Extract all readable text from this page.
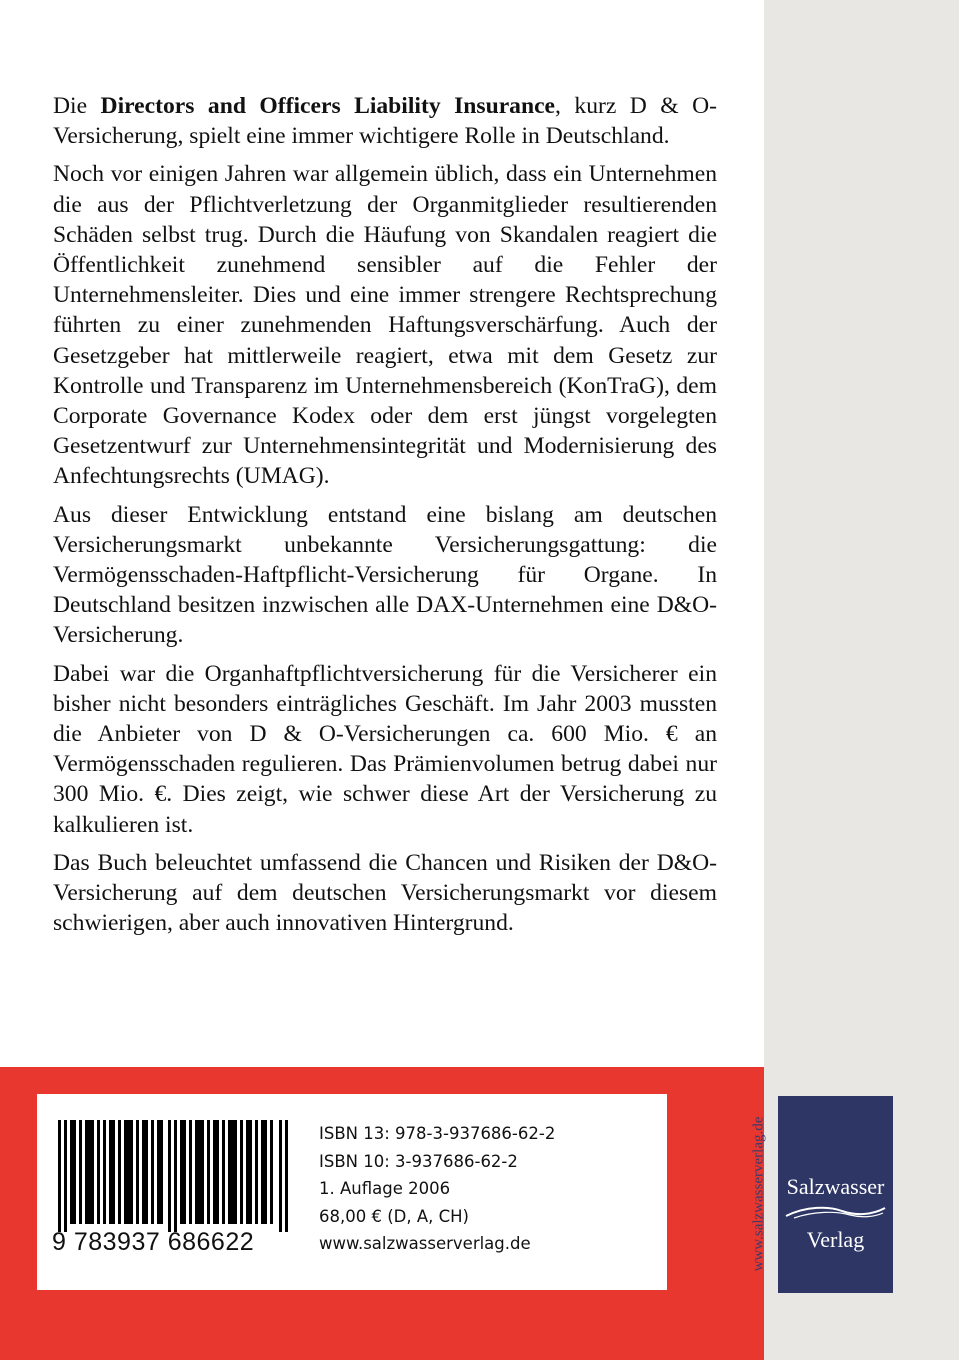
Die Directors and Officers Liability Insurance, kurz D & O-Versicherung, spielt eine immer wichtigere Rolle in Deutschland.

Noch vor einigen Jahren war allgemein üblich, dass ein Unternehmen die aus der Pflichtverletzung der Organmitglieder resultierenden Schäden selbst trug. Durch die Häufung von Skandalen reagiert die Öffentlichkeit zunehmend sensibler auf die Fehler der Unternehmensleiter. Dies und eine immer strengere Rechtsprechung führten zu einer zunehmenden Haftungsverschärfung. Auch der Gesetzgeber hat mittlerweile reagiert, etwa mit dem Gesetz zur Kontrolle und Transparenz im Unternehmensbereich (KonTraG), dem Corporate Governance Kodex oder dem erst jüngst vorgelegten Gesetzentwurf zur Unternehmensintegrität und Modernisierung des Anfechtungsrechts (UMAG).

Aus dieser Entwicklung entstand eine bislang am deutschen Versicherungsmarkt unbekannte Versicherungsgattung: die Vermögensschaden-Haftpflicht-Versicherung für Organe. In Deutschland besitzen inzwischen alle DAX-Unternehmen eine D&O-Versicherung.

Dabei war die Organhaftpflichtversicherung für die Versicherer ein bisher nicht besonders einträgliches Geschäft. Im Jahr 2003 mussten die Anbieter von D & O-Versicherungen ca. 600 Mio. € an Vermögensschaden regulieren. Das Prämienvolumen betrug dabei nur 300 Mio. €. Dies zeigt, wie schwer diese Art der Versicherung zu kalkulieren ist.

Das Buch beleuchtet umfassend die Chancen und Risiken der D&O-Versicherung auf dem deutschen Versicherungsmarkt vor diesem schwierigen, aber auch innovativen Hintergrund.

9 783937 686622
ISBN 13: 978-3-937686-62-2
ISBN 10: 3-937686-62-2
1. Auflage 2006
68,00 € (D, A, CH)
www.salzwasserverlag.de	www.salzwasserverlag.de Salzwasser
Verlag
